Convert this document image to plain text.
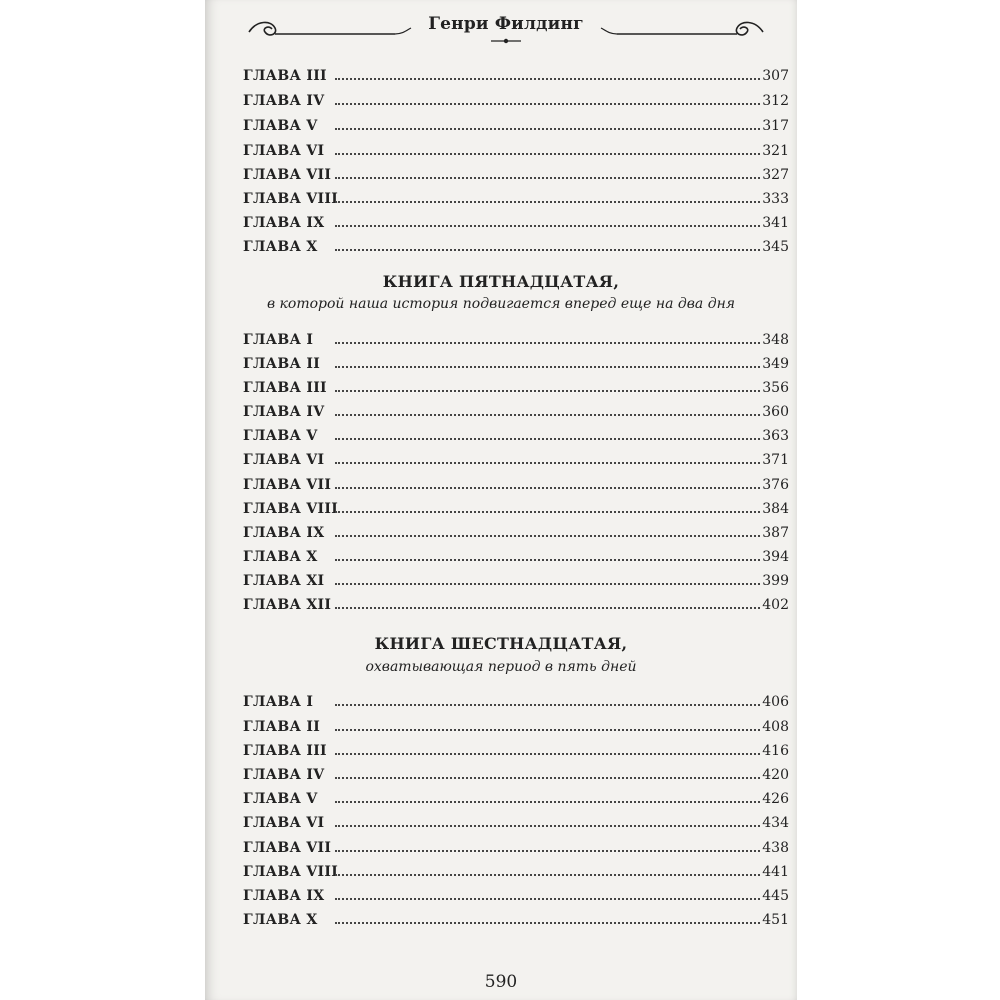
Генри Филдинг
ГЛАВА III	307
ГЛАВА IV	312
ГЛАВА V	317
ГЛАВА VI	321
ГЛАВА VII	327
ГЛАВА VIII	333
ГЛАВА IX	341
ГЛАВА X	345
КНИГА ПЯТНАДЦАТАЯ,
в которой наша история подвигается вперед еще на два дня
ГЛАВА I	348
ГЛАВА II	349
ГЛАВА III	356
ГЛАВА IV	360
ГЛАВА V	363
ГЛАВА VI	371
ГЛАВА VII	376
ГЛАВА VIII	384
ГЛАВА IX	387
ГЛАВА X	394
ГЛАВА XI	399
ГЛАВА XII	402
КНИГА ШЕСТНАДЦАТАЯ,
охватывающая период в пять дней
ГЛАВА I	406
ГЛАВА II	408
ГЛАВА III	416
ГЛАВА IV	420
ГЛАВА V	426
ГЛАВА VI	434
ГЛАВА VII	438
ГЛАВА VIII	441
ГЛАВА IX	445
ГЛАВА X	451
590
